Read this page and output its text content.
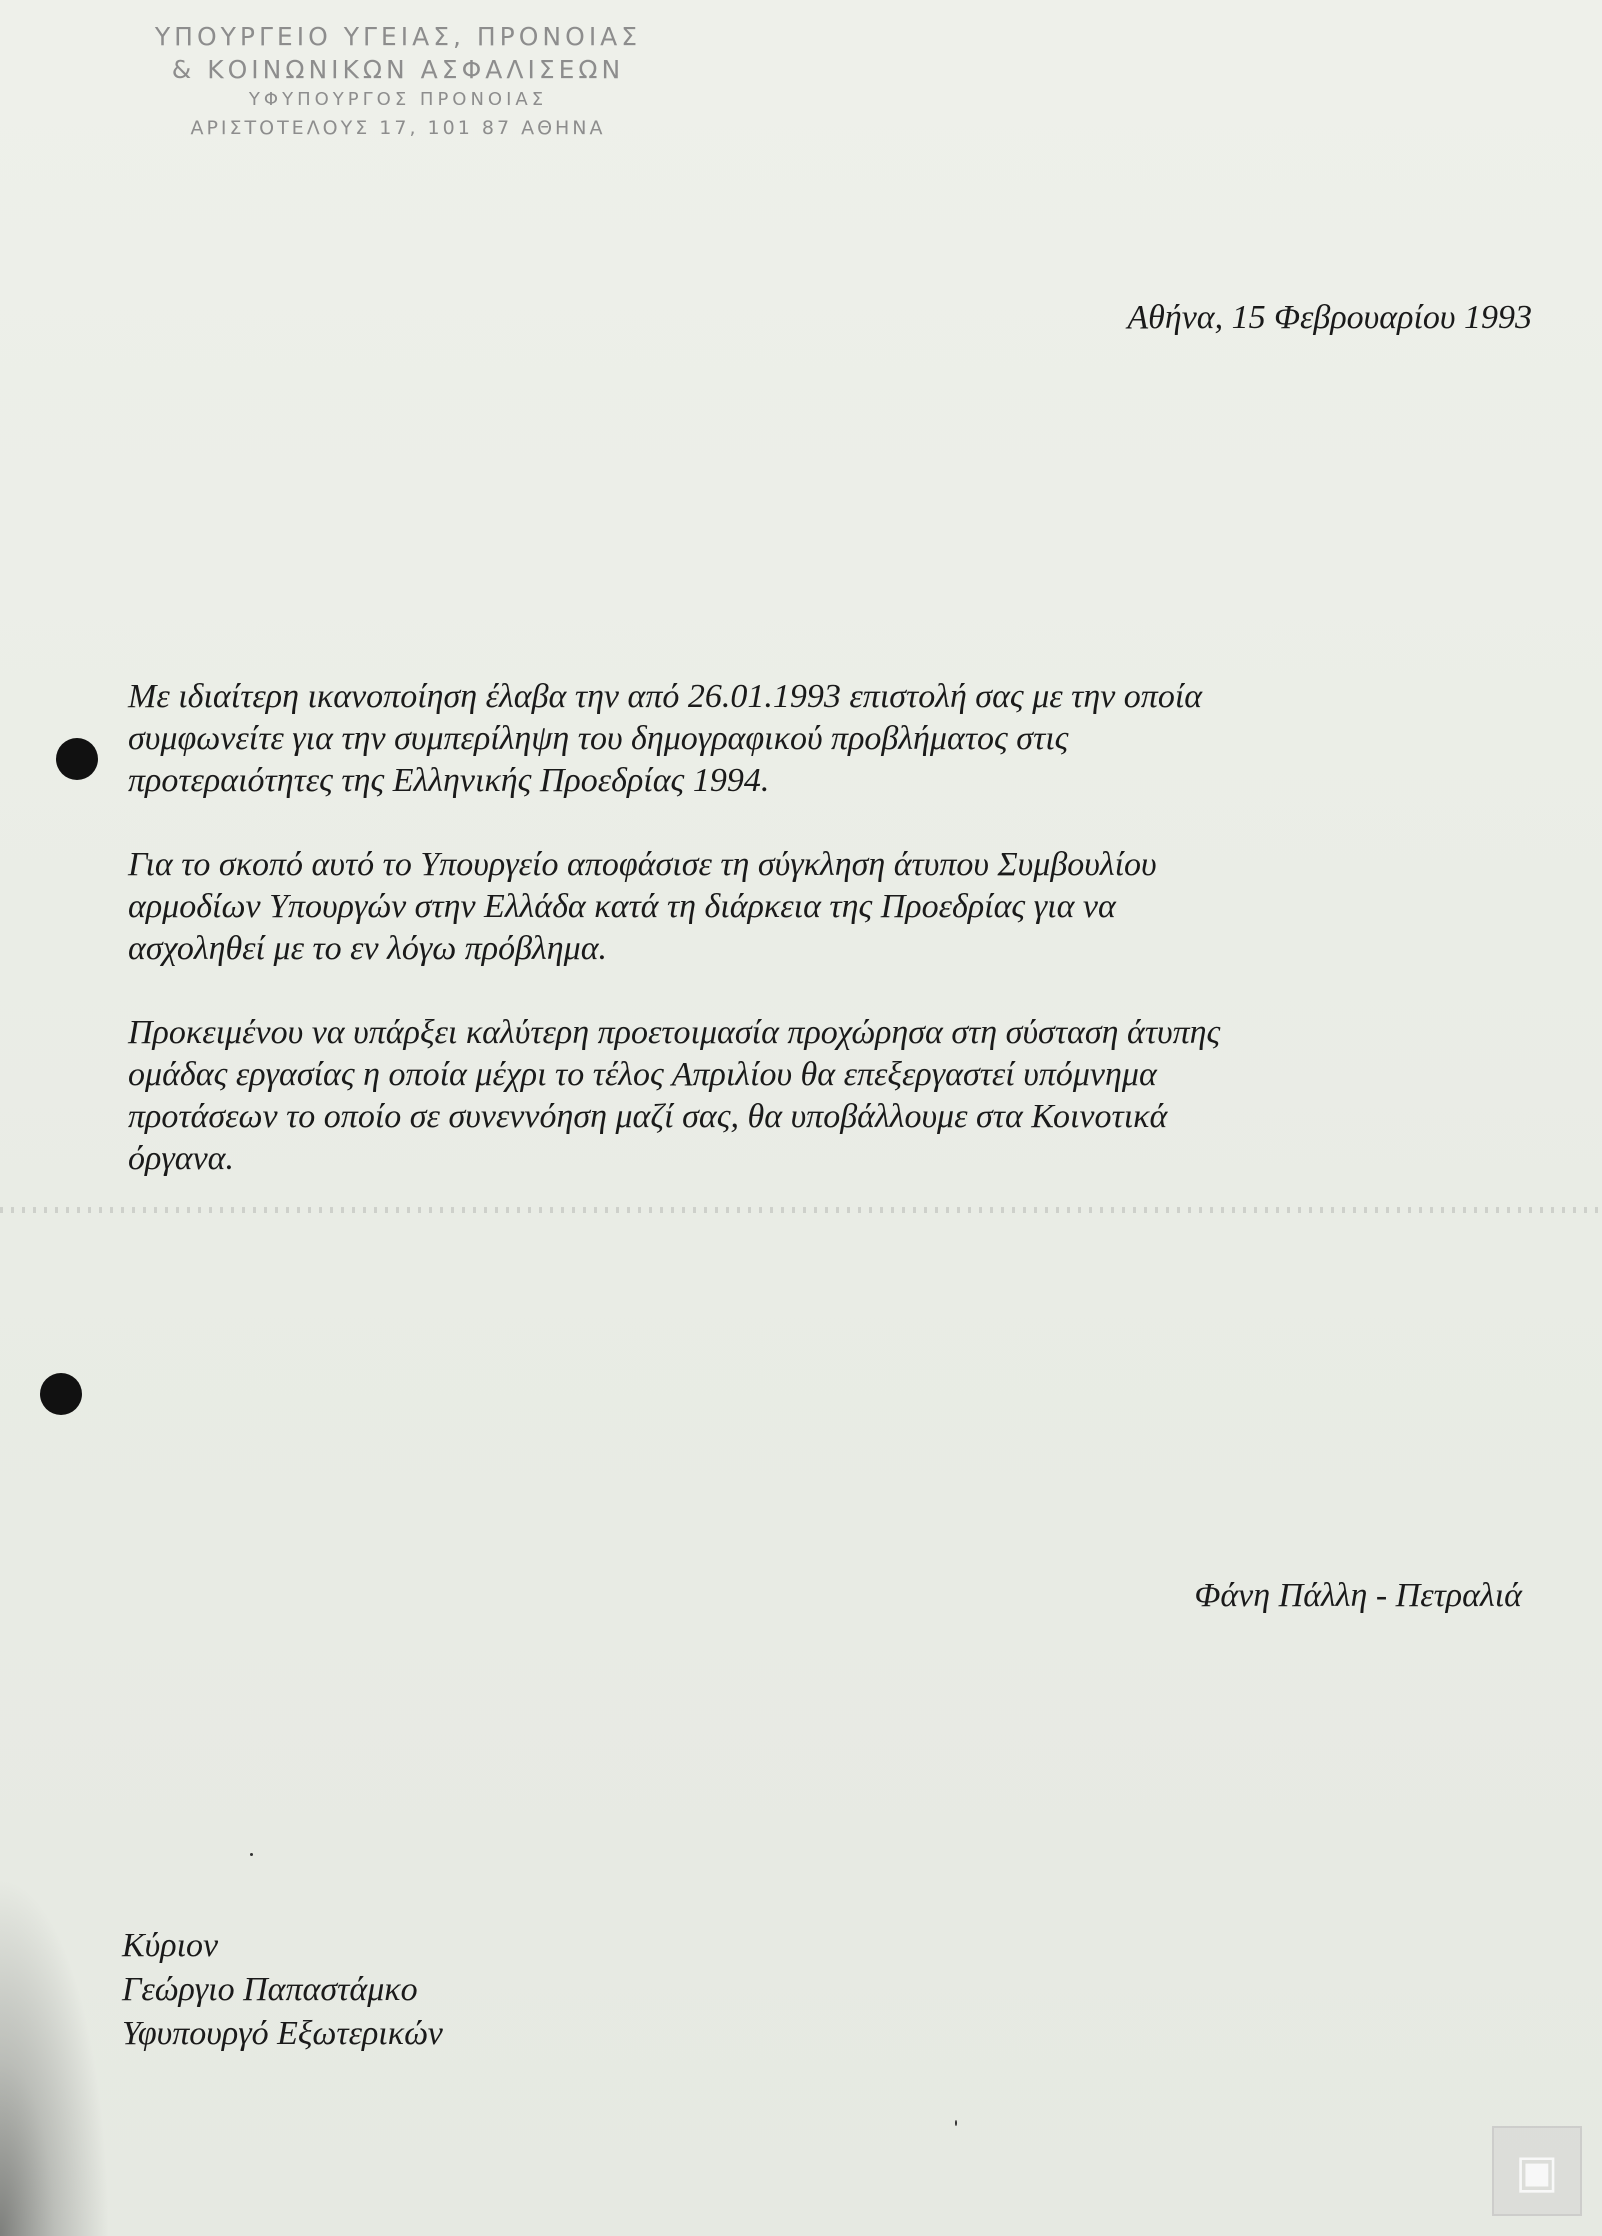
ΥΠΟΥΡΓΕΙΟ ΥΓΕΙΑΣ, ΠΡΟΝΟΙΑΣ
& ΚΟΙΝΩΝΙΚΩΝ ΑΣΦΑΛΙΣΕΩΝ
ΥΦΥΠΟΥΡΓΟΣ ΠΡΟΝΟΙΑΣ
ΑΡΙΣΤΟΤΕΛΟΥΣ 17, 101 87 ΑΘΗΝΑ
Αθήνα, 15 Φεβρουαρίου 1993

Με ιδιαίτερη ικανοποίηση έλαβα την από 26.01.1993 επιστολή σας με την οποία
συμφωνείτε για την συμπερίληψη του δημογραφικού προβλήματος στις
προτεραιότητες της Ελληνικής Προεδρίας 1994.

Για το σκοπό αυτό το Υπουργείο αποφάσισε τη σύγκληση άτυπου Συμβουλίου
αρμοδίων Υπουργών στην Ελλάδα κατά τη διάρκεια της Προεδρίας για να
ασχοληθεί με το εν λόγω πρόβλημα.

Προκειμένου να υπάρξει καλύτερη προετοιμασία προχώρησα στη σύσταση άτυπης
ομάδας εργασίας η οποία μέχρι το τέλος Απριλίου θα επεξεργαστεί υπόμνημα
προτάσεων το οποίο σε συνεννόηση μαζί σας, θα υποβάλλουμε στα Κοινοτικά
όργανα.

Φάνη Πάλλη - Πετραλιά
Κύριον
Γεώργιο Παπαστάμκο
Υφυπουργό Εξωτερικών
▣
